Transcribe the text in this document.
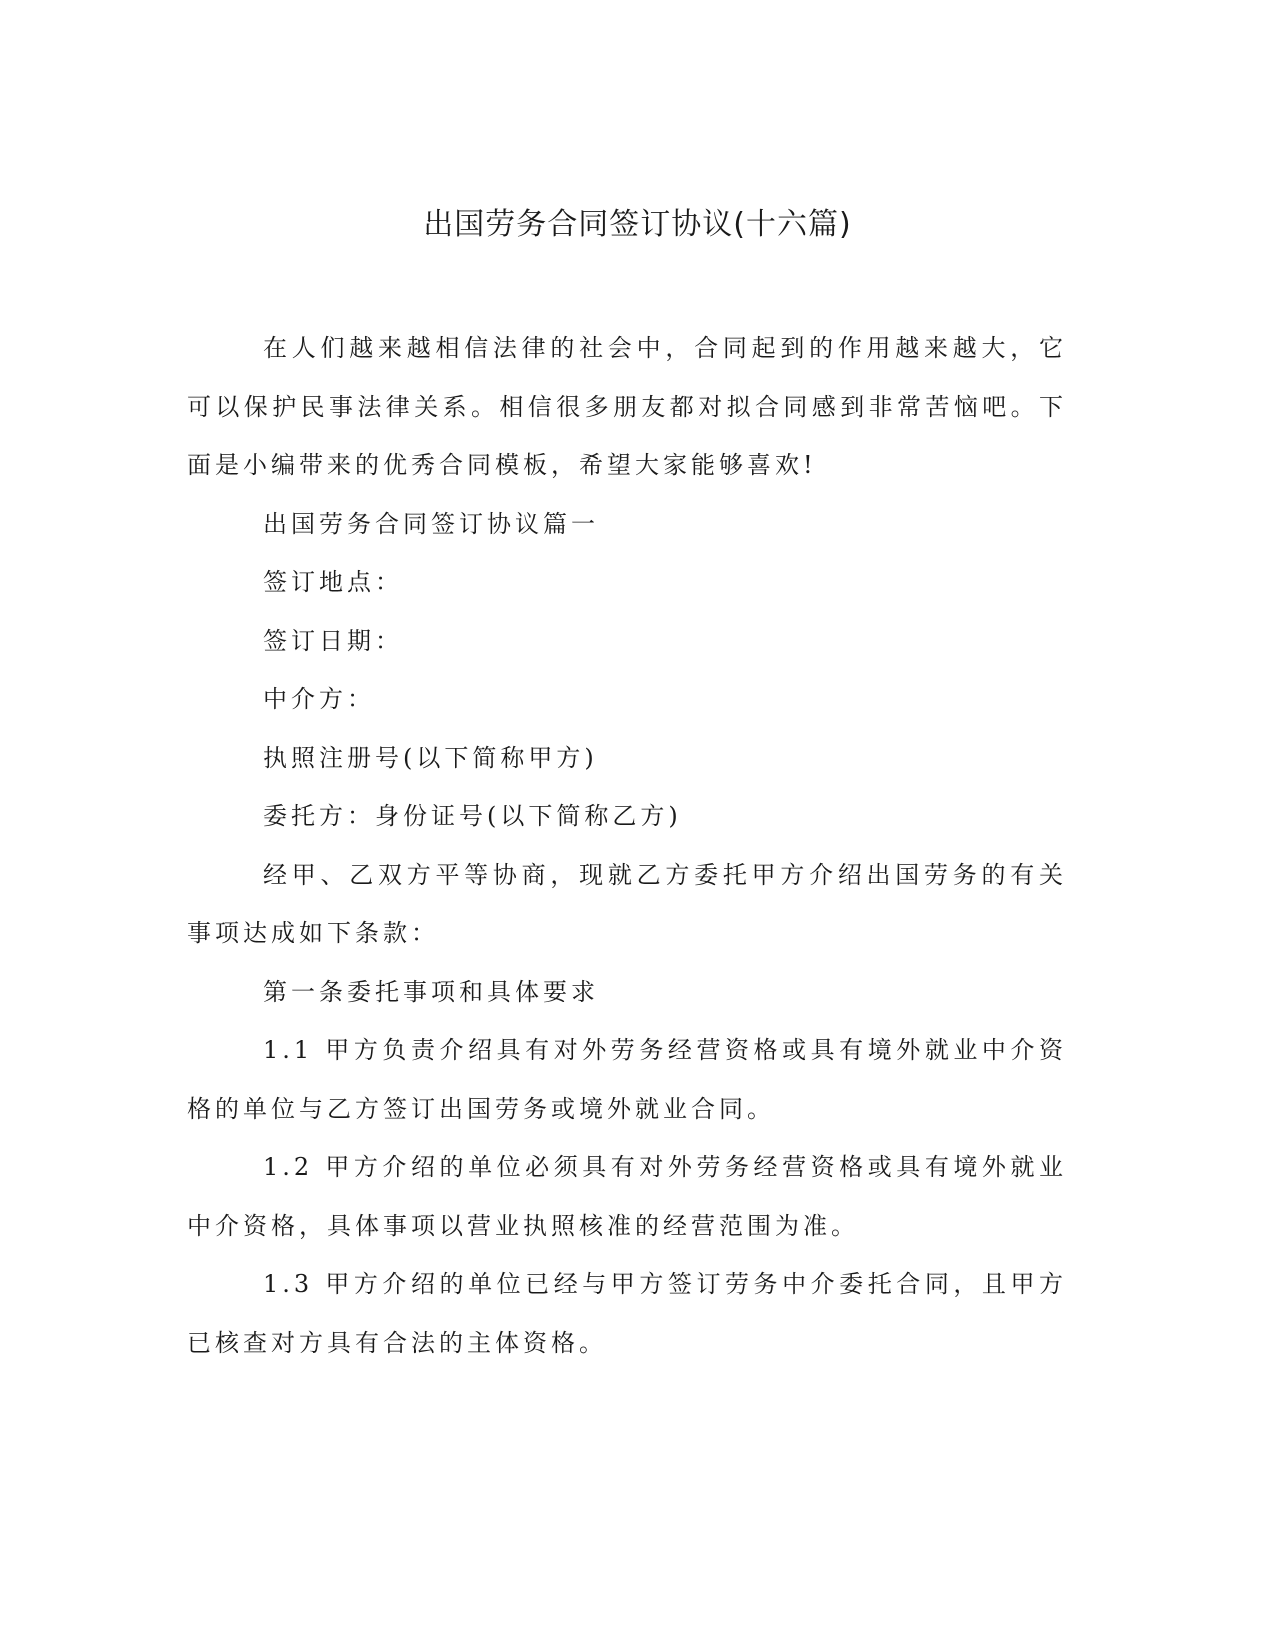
出国劳务合同签订协议(十六篇)

在人们越来越相信法律的社会中，合同起到的作用越来越大，它可以保护民事法律关系。相信很多朋友都对拟合同感到非常苦恼吧。下面是小编带来的优秀合同模板，希望大家能够喜欢!

出国劳务合同签订协议篇一

签订地点：

签订日期：

中介方：

执照注册号(以下简称甲方)

委托方：身份证号(以下简称乙方)

经甲、乙双方平等协商，现就乙方委托甲方介绍出国劳务的有关事项达成如下条款：

第一条委托事项和具体要求

1.1 甲方负责介绍具有对外劳务经营资格或具有境外就业中介资格的单位与乙方签订出国劳务或境外就业合同。

1.2 甲方介绍的单位必须具有对外劳务经营资格或具有境外就业中介资格，具体事项以营业执照核准的经营范围为准。

1.3 甲方介绍的单位已经与甲方签订劳务中介委托合同，且甲方已核查对方具有合法的主体资格。
